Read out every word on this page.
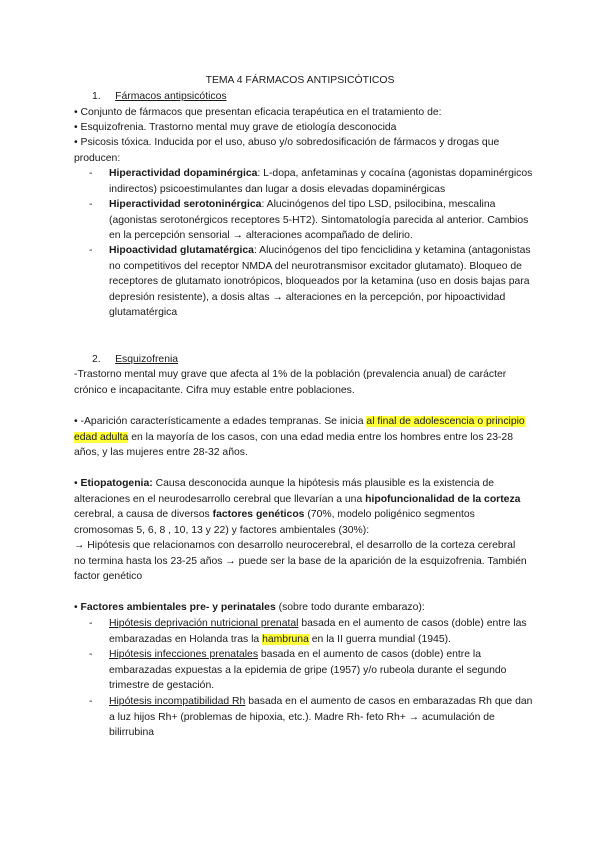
TEMA 4 FÁRMACOS ANTIPSICÓTICOS
1. Fármacos antipsicóticos
• Conjunto de fármacos que presentan eficacia terapéutica en el tratamiento de:
• Esquizofrenia. Trastorno mental muy grave de etiología desconocida
• Psicosis tóxica. Inducida por el uso, abuso y/o sobredosificación de fármacos y drogas que producen:
- Hiperactividad dopaminérgica: L-dopa, anfetaminas y cocaína (agonistas dopaminérgicos indirectos) psicoestimulantes dan lugar a dosis elevadas dopaminérgicas
- Hiperactividad serotoninérgica: Alucinógenos del tipo LSD, psilocibina, mescalina (agonistas serotonérgicos receptores 5-HT2). Sintomatología parecida al anterior. Cambios en la percepción sensorial → alteraciones acompañado de delirio.
- Hipoactividad glutamatérgica: Alucinógenos del tipo fenciclidina y ketamina (antagonistas no competitivos del receptor NMDA del neurotransmisor excitador glutamato). Bloqueo de receptores de glutamato ionotrópicos, bloqueados por la ketamina (uso en dosis bajas para depresión resistente), a dosis altas → alteraciones en la percepción, por hipoactividad glutamatérgica
2. Esquizofrenia
-Trastorno mental muy grave que afecta al 1% de la población (prevalencia anual) de carácter crónico e incapacitante. Cifra muy estable entre poblaciones.
• -Aparición característicamente a edades tempranas. Se inicia al final de adolescencia o principio edad adulta en la mayoría de los casos, con una edad media entre los hombres entre los 23-28 años, y las mujeres entre 28-32 años.
• Etiopatogenia: Causa desconocida aunque la hipótesis más plausible es la existencia de alteraciones en el neurodesarrollo cerebral que llevarían a una hipofuncionalidad de la corteza cerebral, a causa de diversos factores genéticos (70%, modelo poligénico segmentos cromosomas 5, 6, 8 , 10, 13 y 22) y factores ambientales (30%):
→ Hipótesis que relacionamos con desarrollo neurocerebral, el desarrollo de la corteza cerebral no termina hasta los 23-25 años → puede ser la base de la aparición de la esquizofrenia. También factor genético
• Factores ambientales pre- y perinatales (sobre todo durante embarazo):
- Hipótesis deprivación nutricional prenatal basada en el aumento de casos (doble) entre las embarazadas en Holanda tras la hambruna en la II guerra mundial (1945).
- Hipótesis infecciones prenatales basada en el aumento de casos (doble) entre la embarazadas expuestas a la epidemia de gripe (1957) y/o rubeola durante el segundo trimestre de gestación.
- Hipótesis incompatibilidad Rh basada en el aumento de casos en embarazadas Rh que dan a luz hijos Rh+ (problemas de hipoxia, etc.). Madre Rh- feto Rh+ → acumulación de bilirrubina
